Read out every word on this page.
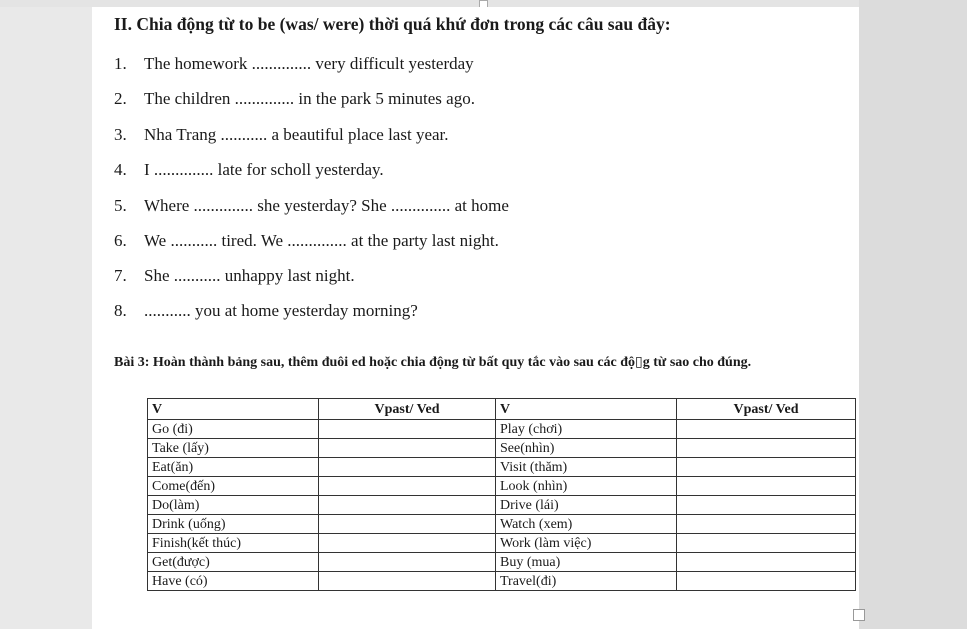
II. Chia động từ to be (was/ were) thời quá khứ đơn trong các câu sau đây:
1. The homework .............. very difficult yesterday
2. The children .............. in the park 5 minutes ago.
3. Nha Trang ........... a beautiful place last year.
4. I .............. late for scholl yesterday.
5. Where .............. she yesterday? She .............. at home
6. We ........... tired. We .............. at the party last night.
7. She ........... unhappy last night.
8. ........... you at home yesterday morning?
Bài 3: Hoàn thành bảng sau, thêm đuôi ed hoặc chia động từ bất quy tắc vào sau các độ▯g từ sao cho đúng.
V	Vpast/ Ved	V	Vpast/ Ved
Go (đi)		Play (chơi)	
Take (lấy)		See(nhìn)	
Eat(ăn)		Visit (thăm)	
Come(đến)		Look (nhìn)	
Do(làm)		Drive (lái)	
Drink (uống)		Watch (xem)	
Finish(kết thúc)		Work (làm việc)	
Get(được)		Buy (mua)	
Have (có)		Travel(đi)	
